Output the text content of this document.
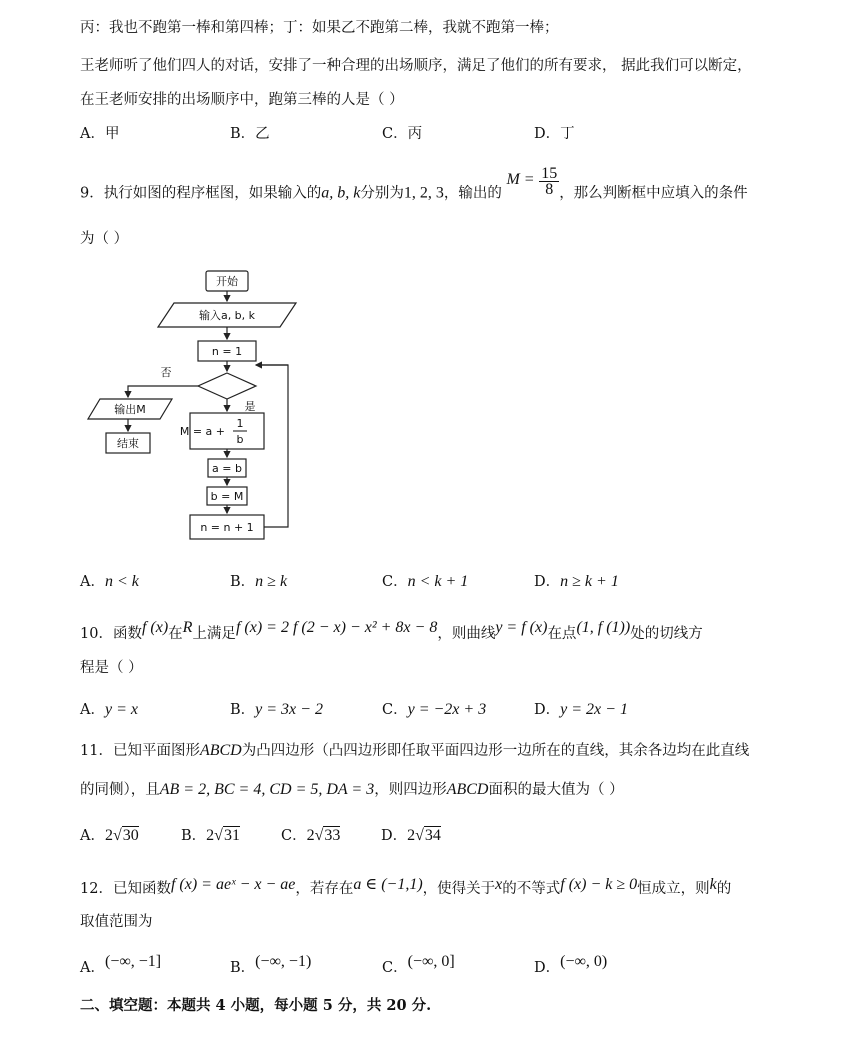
丙：我也不跑第一棒和第四棒；丁：如果乙不跑第二棒，我就不跑第一棒；
王老师听了他们四人的对话，安排了一种合理的出场顺序，满足了他们的所有要求， 据此我们可以断定，
在王老师安排的出场顺序中，跑第三棒的人是（ ）
A．甲	B．乙	C．丙	D．丁
9．执行如图的程序框图，如果输入的a, b, k分别为1, 2, 3，输出的 $M = \frac{15}{8}$ ，那么判断框中应填入的条件
为（ ）
开始
输入a, b, k
n = 1
否
是
输出M
结束
M = a +
1
b
a = b
b = M
n = n + 1
A．n < k	B．n ≥ k	C．n < k + 1	D．n ≥ k + 1
10．函数f (x)在R上满足f (x) = 2 f (2 − x) − x² + 8x − 8，则曲线y = f (x)在点(1, f (1))处的切线方
程是（ ）
A．y = x	B．y = 3x − 2	C．y = −2x + 3	D．y = 2x − 1
11．已知平面图形ABCD为凸四边形（凸四边形即任取平面四边形一边所在的直线，其余各边均在此直线
的同侧），且AB = 2, BC = 4, CD = 5, DA = 3，则四边形ABCD面积的最大值为（ ）
A．2√30	B．2√31	C．2√33	D．2√34
12．已知函数f (x) = aeˣ − x − ae，若存在a ∈ (−1,1)，使得关于x的不等式f (x) − k ≥ 0恒成立，则k的
取值范围为
A．(−∞, −1]	B．(−∞, −1)	C．(−∞, 0]	D．(−∞, 0)
二、填空题：本题共 4 小题，每小题 5 分，共 20 分.
